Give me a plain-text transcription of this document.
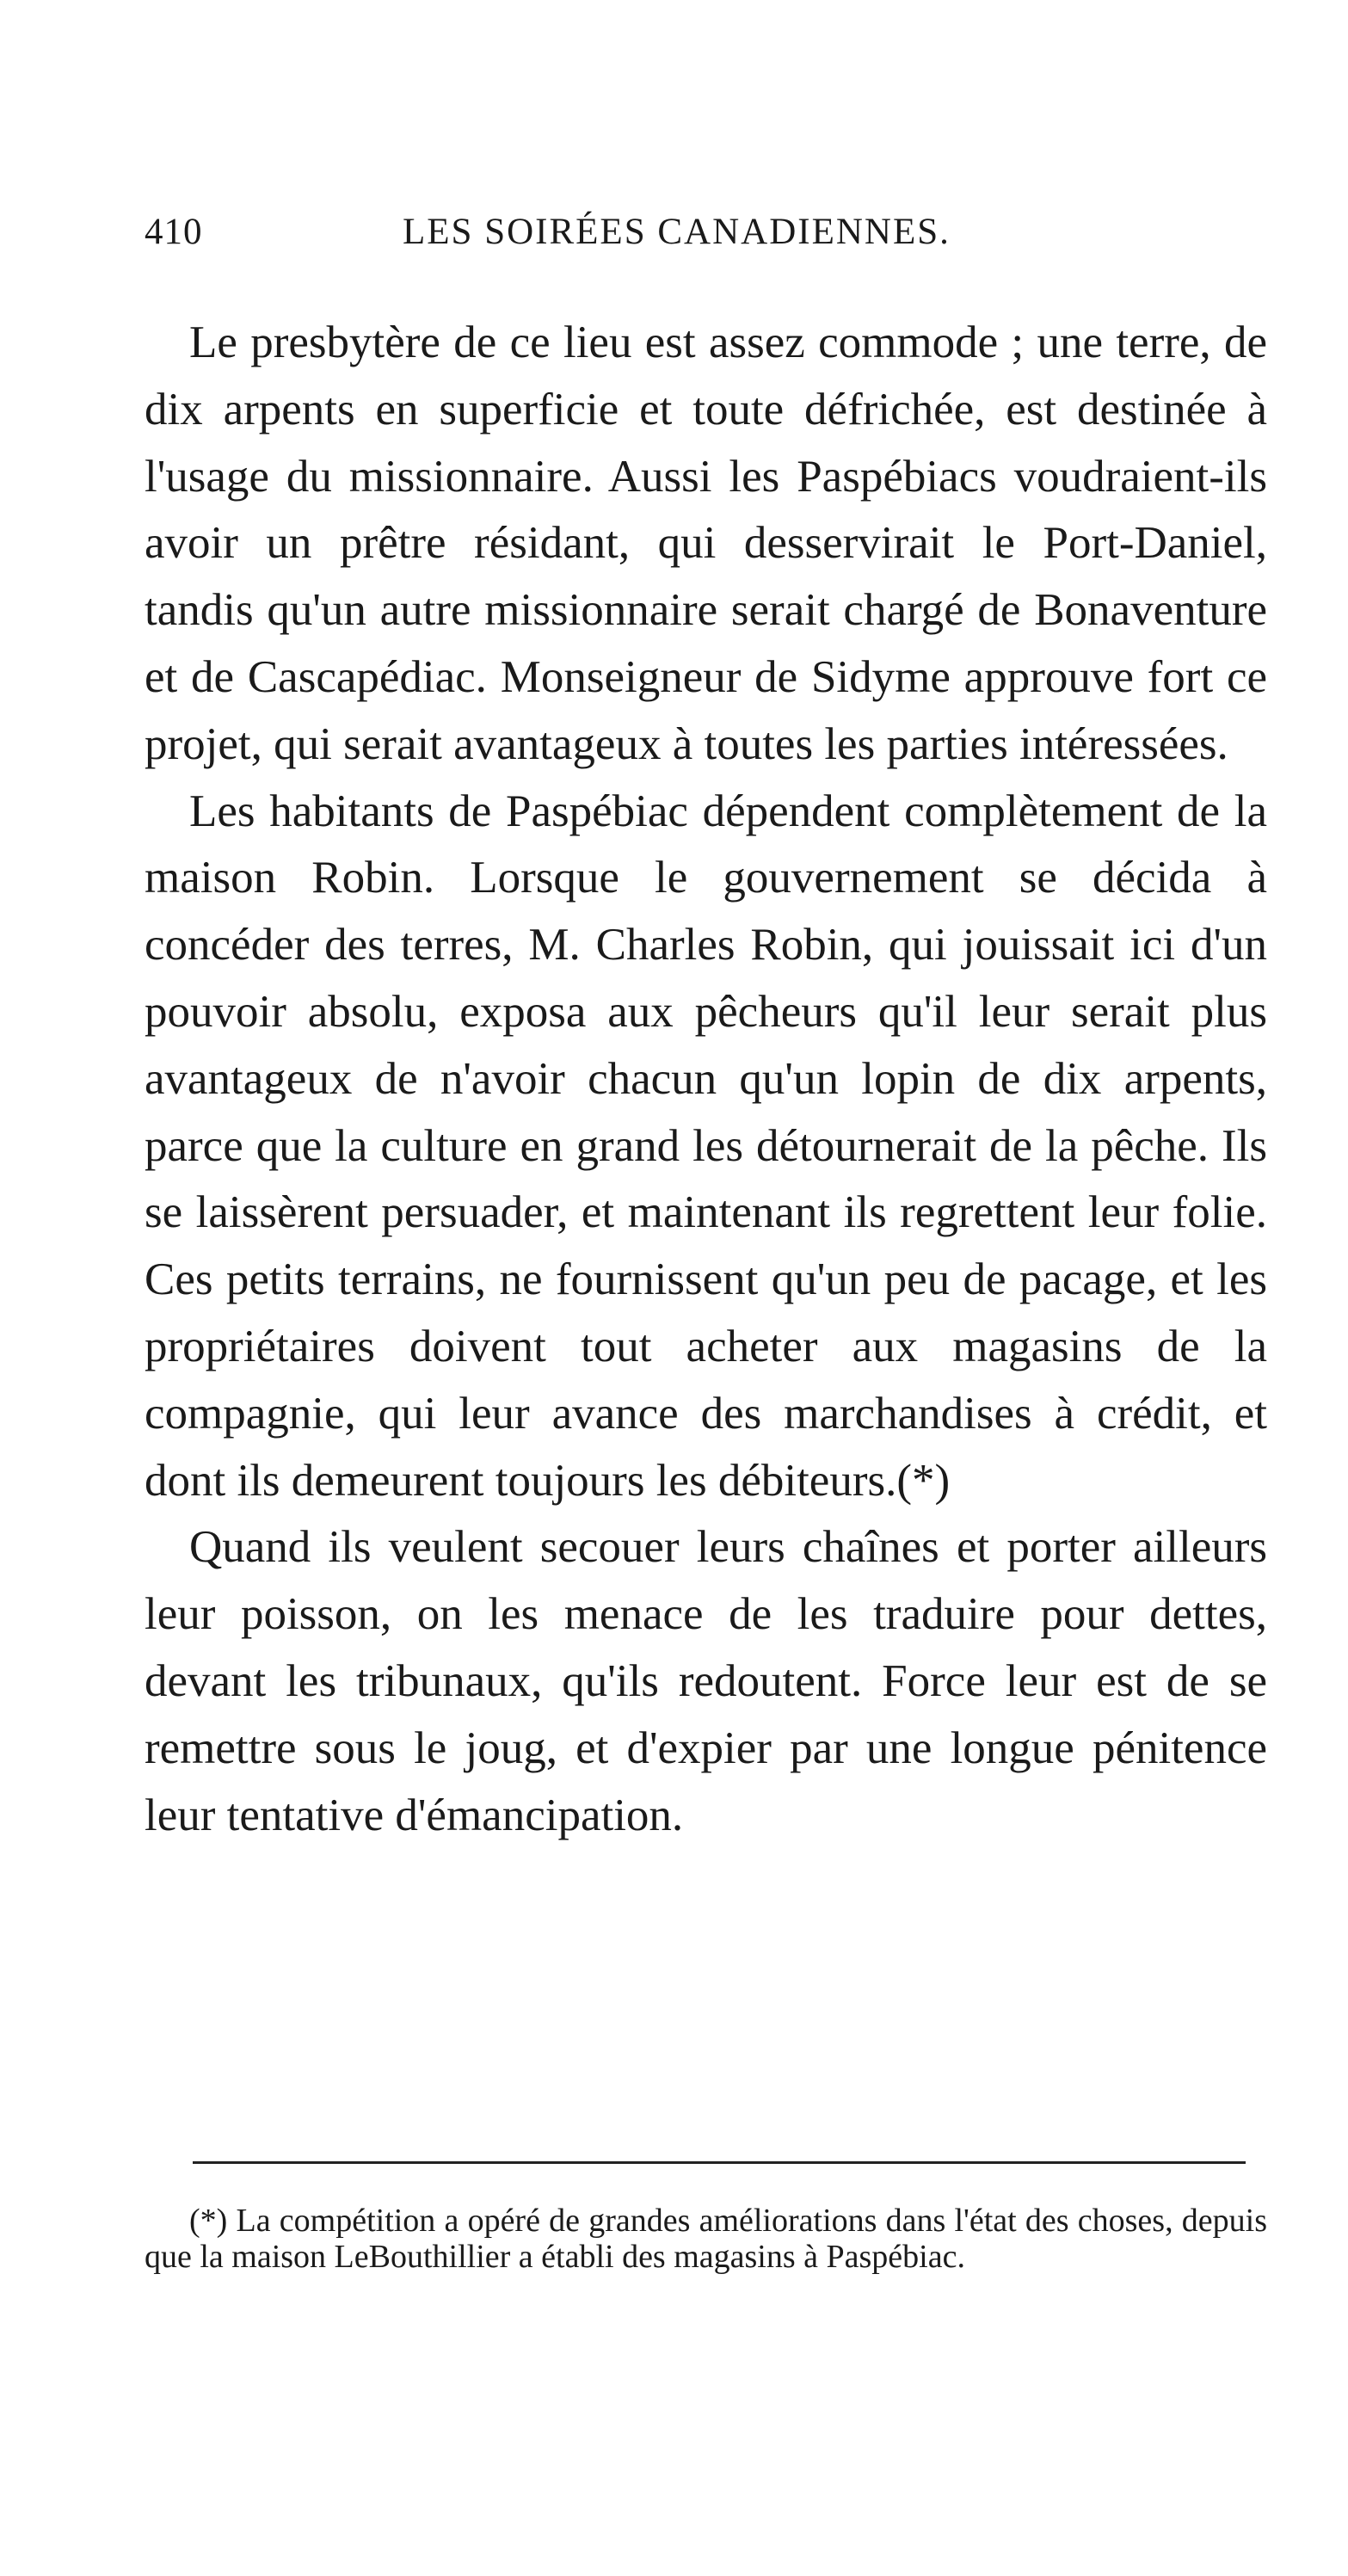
410	LES SOIRÉES CANADIENNES.

Le presbytère de ce lieu est assez commode ; une terre, de dix arpents en superficie et toute défrichée, est destinée à l'usage du missionnaire. Aussi les Paspébiacs voudraient-ils avoir un prêtre résidant, qui desservirait le Port-Daniel, tandis qu'un autre missionnaire serait chargé de Bonaventure et de Cascapédiac. Monseigneur de Sidyme approuve fort ce projet, qui serait avantageux à toutes les parties intéressées.

Les habitants de Paspébiac dépendent complètement de la maison Robin. Lorsque le gouvernement se décida à concéder des terres, M. Charles Robin, qui jouissait ici d'un pouvoir absolu, exposa aux pêcheurs qu'il leur serait plus avantageux de n'avoir chacun qu'un lopin de dix arpents, parce que la culture en grand les détournerait de la pêche. Ils se laissèrent persuader, et maintenant ils regrettent leur folie. Ces petits terrains, ne fournissent qu'un peu de pacage, et les propriétaires doivent tout acheter aux magasins de la compagnie, qui leur avance des marchandises à crédit, et dont ils demeurent toujours les débiteurs.(*)

Quand ils veulent secouer leurs chaînes et porter ailleurs leur poisson, on les menace de les traduire pour dettes, devant les tribunaux, qu'ils redoutent. Force leur est de se remettre sous le joug, et d'expier par une longue pénitence leur tentative d'émancipation.

(*) La compétition a opéré de grandes améliorations dans l'état des choses, depuis que la maison LeBouthillier a établi des magasins à Paspébiac.
